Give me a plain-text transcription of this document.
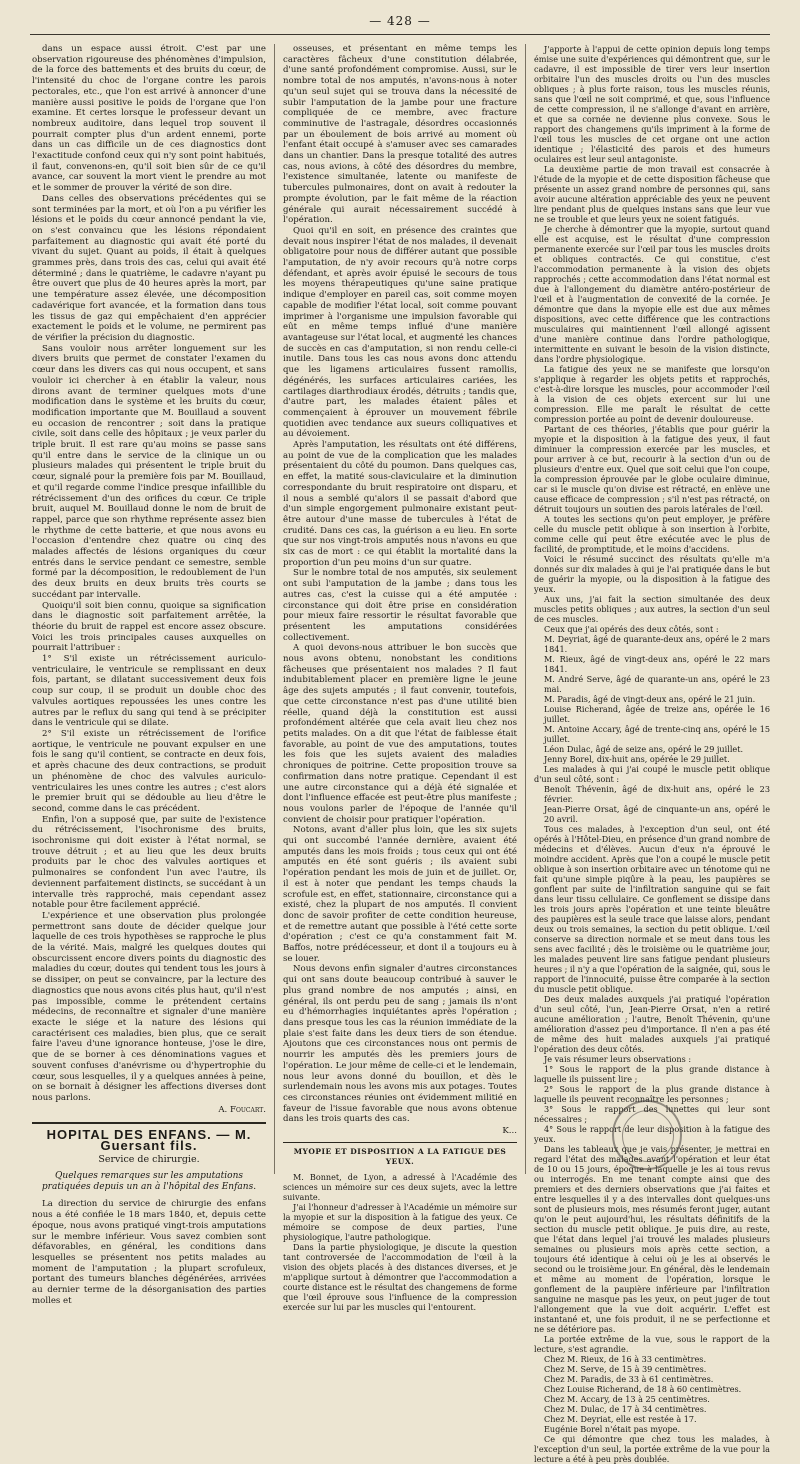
— 428 —

dans un espace aussi étroit. C'est par une observation rigoureuse des phénomènes d'impulsion, de la force des battements et des bruits du cœur, de l'intensité du choc de l'organe contre les parois pectorales, etc., que l'on est arrivé à annoncer d'une manière aussi positive le poids de l'organe que l'on examine. Et certes lorsque le professeur devant un nombreux auditoire, dans lequel trop souvent il pourrait compter plus d'un ardent ennemi, porte dans un cas difficile un de ces diagnostics dont l'exactitude confond ceux qui n'y sont point habitués, il faut, convenons-en, qu'il soit bien sûr de ce qu'il avance, car souvent la mort vient le prendre au mot et le sommer de prouver la vérité de son dire.

Dans celles des observations précédentes qui se sont terminées par la mort, et où l'on a pu vérifier les lésions et le poids du cœur annoncé pendant la vie, on s'est convaincu que les lésions répondaient parfaitement au diagnostic qui avait été porté du vivant du sujet. Quant au poids, il était à quelques grammes près, dans trois des cas, celui qui avait été déterminé ; dans le quatrième, le cadavre n'ayant pu être ouvert que plus de 40 heures après la mort, par une température assez élevée, une décomposition cadavérique fort avancée, et la formation dans tous les tissus de gaz qui empêchaient d'en apprécier exactement le poids et le volume, ne permirent pas de vérifier la précision du diagnostic.

Sans vouloir nous arrêter longuement sur les divers bruits que permet de constater l'examen du cœur dans les divers cas qui nous occupent, et sans vouloir ici chercher à en établir la valeur, nous dirons avant de terminer quelques mots d'une modification dans le système et les bruits du cœur, modification importante que M. Bouillaud a souvent eu occasion de rencontrer ; soit dans la pratique civile, soit dans celle des hôpitaux ; je veux parler du triple bruit. Il est rare qu'au moins se passe sans qu'il entre dans le service de la clinique un ou plusieurs malades qui présentent le triple bruit du cœur, signalé pour la première fois par M. Bouillaud, et qu'il regarde comme l'indice presque infaillible du rétrécissement d'un des orifices du cœur. Ce triple bruit, auquel M. Bouillaud donne le nom de bruit de rappel, parce que son rhythme représente assez bien le rhythme de cette batterie, et que nous avons eu l'occasion d'entendre chez quatre ou cinq des malades affectés de lésions organiques du cœur entrés dans le service pendant ce semestre, semble formé par la décomposition, le redoublement de l'un des deux bruits en deux bruits très courts se succédant par intervalle.

Quoiqu'il soit bien connu, quoique sa signification dans le diagnostic soit parfaitement arrêtée, la théorie du bruit de rappel est encore assez obscure. Voici les trois principales causes auxquelles on pourrait l'attribuer :

1° S'il existe un rétrécissement auriculo-ventriculaire, le ventricule se remplissant en deux fois, partant, se dilatant successivement deux fois coup sur coup, il se produit un double choc des valvules aortiques repoussées les unes contre les autres par le reflux du sang qui tend à se précipiter dans le ventricule qui se dilate.

2° S'il existe un rétrécissement de l'orifice aortique, le ventricule ne pouvant expulser en une fois le sang qu'il contient, se contracte en deux fois, et après chacune des deux contractions, se produit un phénomène de choc des valvules auriculo-ventriculaires les unes contre les autres ; c'est alors le premier bruit qui se dédouble au lieu d'être le second, comme dans le cas précédent.

Enfin, l'on a supposé que, par suite de l'existence du rétrécissement, l'isochronisme des bruits, isochronisme qui doit exister à l'état normal, se trouve détruit ; et au lieu que les deux bruits produits par le choc des valvules aortiques et pulmonaires se confondent l'un avec l'autre, ils deviennent parfaitement distincts, se succédant à un intervalle très rapproché, mais cependant assez notable pour être facilement apprécié.

L'expérience et une observation plus prolongée permettront sans doute de décider quelque jour laquelle de ces trois hypothèses se rapproche le plus de la vérité. Mais, malgré les quelques doutes qui obscurcissent encore divers points du diagnostic des maladies du cœur, doutes qui tendent tous les jours à se dissiper, on peut se convaincre, par la lecture des diagnostics que nous avons cités plus haut, qu'il n'est pas impossible, comme le prétendent certains médecins, de reconnaître et signaler d'une manière exacte le siége et la nature des lésions qui caractérisent ces maladies, bien plus, que ce serait faire l'aveu d'une ignorance honteuse, j'ose le dire, que de se borner à ces dénominations vagues et souvent confuses d'anévrisme ou d'hypertrophie du cœur, sous lesquelles, il y a quelques années à peine, on se bornait à désigner les affections diverses dont nous parlons.

A. Foucart.
HOPITAL DES ENFANS. — M. Guersant fils.
Service de chirurgie.
Quelques remarques sur les amputations pratiquées depuis un an à l'hôpital des Enfans.

La direction du service de chirurgie des enfans nous a été confiée le 18 mars 1840, et, depuis cette époque, nous avons pratiqué vingt-trois amputations sur le membre inférieur. Vous savez combien sont défavorables, en général, les conditions dans lesquelles se présentent nos petits malades au moment de l'amputation ; la plupart scrofuleux, portant des tumeurs blanches dégénérées, arrivées au dernier terme de la désorganisation des parties molles et

osseuses, et présentant en même temps les caractères fâcheux d'une constitution délabrée, d'une santé profondément compromise. Aussi, sur le nombre total de nos amputés, n'avons-nous à noter qu'un seul sujet qui se trouva dans la nécessité de subir l'amputation de la jambe pour une fracture compliquée de ce membre, avec fracture comminutive de l'astragale, désordres occasionnés par un éboulement de bois arrivé au moment où l'enfant était occupé à s'amuser avec ses camarades dans un chantier. Dans la presque totalité des autres cas, nous avions, à côté des désordres du membre, l'existence simultanée, latente ou manifeste de tubercules pulmonaires, dont on avait à redouter la prompte évolution, par le fait même de la réaction générale qui aurait nécessairement succédé à l'opération.

Quoi qu'il en soit, en présence des craintes que devait nous inspirer l'état de nos malades, il devenait obligatoire pour nous de différer autant que possible l'amputation, de n'y avoir recours qu'à notre corps défendant, et après avoir épuisé le secours de tous les moyens thérapeutiques qu'une saine pratique indique d'employer en pareil cas, soit comme moyen capable de modifier l'état local, soit comme pouvant imprimer à l'organisme une impulsion favorable qui eût en même temps influé d'une manière avantageuse sur l'état local, et augmenté les chances de succès en cas d'amputation, si non rendu celle-ci inutile. Dans tous les cas nous avons donc attendu que les ligamens articulaires fussent ramollis, dégénérés, les surfaces articulaires cariées, les cartilages diarthrodiaux érodés, détruits ; tandis que, d'autre part, les malades étaient pâles et commençaient à éprouver un mouvement fébrile quotidien avec tendance aux sueurs colliquatives et au dévoiement.

Après l'amputation, les résultats ont été différens, au point de vue de la complication que les malades présentaient du côté du poumon. Dans quelques cas, en effet, la matité sous-claviculaire et la diminution correspondante du bruit respiratoire ont disparu, et il nous a semblé qu'alors il se passait d'abord que d'un simple engorgement pulmonaire existant peut-être autour d'une masse de tubercules à l'état de crudité. Dans ces cas, la guérison a eu lieu. En sorte que sur nos vingt-trois amputés nous n'avons eu que six cas de mort : ce qui établit la mortalité dans la proportion d'un peu moins d'un sur quatre.

Sur le nombre total de nos amputés, six seulement ont subi l'amputation de la jambe ; dans tous les autres cas, c'est la cuisse qui a été amputée : circonstance qui doit être prise en considération pour mieux faire ressortir le résultat favorable que présentent les amputations considérées collectivement.

A quoi devons-nous attribuer le bon succès que nous avons obtenu, nonobstant les conditions fâcheuses que présentaient nos malades ? Il faut indubitablement placer en première ligne le jeune âge des sujets amputés ; il faut convenir, toutefois, que cette circonstance n'est pas d'une utilité bien réelle, quand déjà la constitution est aussi profondément altérée que cela avait lieu chez nos petits malades. On a dit que l'état de faiblesse était favorable, au point de vue des amputations, toutes les fois que les sujets avaient des maladies chroniques de poitrine. Cette proposition trouve sa confirmation dans notre pratique. Cependant il est une autre circonstance qui a déjà été signalée et dont l'influence effacée est peut-être plus manifeste ; nous voulons parler de l'époque de l'année qu'il convient de choisir pour pratiquer l'opération.

Notons, avant d'aller plus loin, que les six sujets qui ont succombé l'année dernière, avaient été amputés dans les mois froids ; tous ceux qui ont été amputés en été sont guéris ; ils avaient subi l'opération pendant les mois de juin et de juillet. Or, il est à noter que pendant les temps chauds la scrofule est, en effet, stationnaire, circonstance qui a existé, chez la plupart de nos amputés. Il convient donc de savoir profiter de cette condition heureuse, et de remettre autant que possible à l'été cette sorte d'opération ; c'est ce qu'a constamment fait M. Baffos, notre prédécesseur, et dont il a toujours eu à se louer.

Nous devons enfin signaler d'autres circonstances qui ont sans doute beaucoup contribué à sauver le plus grand nombre de nos amputés ; ainsi, en général, ils ont perdu peu de sang ; jamais ils n'ont eu d'hémorrhagies inquiétantes après l'opération ; dans presque tous les cas la réunion immédiate de la plaie s'est faite dans les deux tiers de son étendue. Ajoutons que ces circonstances nous ont permis de nourrir les amputés dès les premiers jours de l'opération. Le jour même de celle-ci et le lendemain, nous leur avons donné du bouillon, et dès le surlendemain nous les avons mis aux potages. Toutes ces circonstances réunies ont évidemment militié en faveur de l'issue favorable que nous avons obtenue dans les trois quarts des cas.

K...
MYOPIE ET DISPOSITION A LA FATIGUE DES YEUX.

M. Bonnet, de Lyon, a adressé à l'Académie des sciences un mémoire sur ces deux sujets, avec la lettre suivante.

J'ai l'honneur d'adresser à l'Académie un mémoire sur la myopie et sur la disposition à la fatigue des yeux. Ce mémoire se compose de deux parties, l'une physiologique, l'autre pathologique.

Dans la partie physiologique, je discute la question tant controversée de l'accommodation de l'œil à la vision des objets placés à des distances diverses, et je m'applique surtout à démontrer que l'accommodation a courte distance est le résultat des changemens de forme que l'œil éprouve sous l'influence de la compression exercée sur lui par les muscles qui l'entourent.

J'apporte à l'appui de cette opinion depuis long temps émise une suite d'expériences qui démontrent que, sur le cadavre, il est impossible de tirer vers leur insertion orbitaire l'un des muscles droits ou l'un des muscles obliques ; à plus forte raison, tous les muscles réunis, sans que l'œil ne soit comprimé, et que, sous l'influence de cette compression, il ne s'allonge d'avant en arrière, et que sa cornée ne devienne plus convexe. Sous le rapport des changemens qu'ils impriment à la forme de l'œil tous les muscles de cet organe ont une action identique ; l'élasticité des parois et des humeurs oculaires est leur seul antagoniste.

La deuxième partie de mon travail est consacrée à l'étude de la myopie et de cette disposition fâcheuse que présente un assez grand nombre de personnes qui, sans avoir aucune altération appréciable des yeux ne peuvent lire pendant plus de quelques instans sans que leur vue ne se trouble et que leurs yeux ne soient fatigués.

Je cherche à démontrer que la myopie, surtout quand elle est acquise, est le résultat d'une compression permanente exercée sur l'œil par tous les muscles droits et obliques contractés. Ce qui constitue, c'est l'accommodation permanente à la vision des objets rapprochés ; cette accommodation dans l'état normal est due à l'allongement du diamètre antéro-postérieur de l'œil et à l'augmentation de convexité de la cornée. Je démontre que dans la myopie elle est due aux mêmes dispositions, avec cette différence que les contractions musculaires qui maintiennent l'œil allongé agissent d'une manière continue dans l'ordre pathologique, intermittente en suivant le besoin de la vision distincte, dans l'ordre physiologique.

La fatigue des yeux ne se manifeste que lorsqu'on s'applique à regarder les objets petits et rapprochés, c'est-à-dire lorsque les muscles, pour accommoder l'œil à la vision de ces objets exercent sur lui une compression. Elle me paraît le résultat de cette compression portée au point de devenir douloureuse.

Partant de ces théories, j'établis que pour guérir la myopie et la disposition à la fatigue des yeux, il faut diminuer la compression exercée par les muscles, et pour arriver à ce but, recourir à la section d'un ou de plusieurs d'entre eux. Quel que soit celui que l'on coupe, la compression éprouvée par le globe oculaire diminue, car si le muscle qu'on divise est rétracté, en enlève une cause efficace de compression ; s'il n'est pas rétracté, on détruit toujours un soutien des parois latérales de l'œil.

A toutes les sections qu'on peut employer, je préfère celle du muscle petit oblique à son insertion à l'orbite, comme celle qui peut être exécutée avec le plus de facilité, de promptitude, et le moins d'accidens.

Voici le résumé succinct des résultats qu'elle m'a donnés sur dix malades à qui je l'ai pratiquée dans le but de guérir la myopie, ou la disposition à la fatigue des yeux.

Aux uns, j'ai fait la section simultanée des deux muscles petits obliques ; aux autres, la section d'un seul de ces muscles.

Ceux que j'ai opérés des deux côtés, sont :

M. Deyriat, âgé de quarante-deux ans, opéré le 2 mars 1841.
M. Rieux, âgé de vingt-deux ans, opéré le 22 mars 1841.
M. André Serve, âgé de quarante-un ans, opéré le 23 mai.
M. Paradis, âgé de vingt-deux ans, opéré le 21 juin.
Louise Richerand, âgée de treize ans, opérée le 16 juillet.
M. Antoine Accary, âgé de trente-cinq ans, opéré le 15 juillet.
Léon Dulac, âgé de seize ans, opéré le 29 juillet.
Jenny Borel, dix-huit ans, opérée le 29 juillet.

Les malades à qui j'ai coupé le muscle petit oblique d'un seul côté, sont :

Benoît Thévenin, âgé de dix-huit ans, opéré le 23 février.
Jean-Pierre Orsat, âgé de cinquante-un ans, opéré le 20 avril.

Tous ces malades, à l'exception d'un seul, ont été opérés à l'Hôtel-Dieu, en présence d'un grand nombre de médecins et d'élèves. Aucun d'eux n'a éprouvé le moindre accident. Après que l'on a coupé le muscle petit oblique à son insertion orbitaire avec un ténotome qui ne fait qu'une simple piqûre à la peau, les paupières se gonflent par suite de l'infiltration sanguine qui se fait dans leur tissu cellulaire. Ce gonflement se dissipe dans les trois jours après l'opération et une teinte bleuâtre des paupières est la seule trace que laisse alors, pendant deux ou trois semaines, la section du petit oblique. L'œil conserve sa direction normale et se meut dans tous les sens avec facilité ; dès le troisième ou le quatrième jour, les malades peuvent lire sans fatigue pendant plusieurs heures ; il n'y a que l'opération de la saignée, qui, sous le rapport de l'innocuité, puisse être comparée à la section du muscle petit oblique.

Des deux malades auxquels j'ai pratiqué l'opération d'un seul côté, l'un, Jean-Pierre Orsat, n'en a retiré aucune amélioration ; l'autre, Benoît Thévenin, qu'une amélioration d'assez peu d'importance. Il n'en a pas été de même des huit malades auxquels j'ai pratiqué l'opération des deux côtés.

Je vais résumer leurs observations :

1° Sous le rapport de la plus grande distance à laquelle ils puissent lire ;

2° Sous le rapport de la plus grande distance à laquelle ils peuvent reconnaître les personnes ;

3° Sous le rapport des lunettes qui leur sont nécessaires ;

4° Sous le rapport de leur disposition à la fatigue des yeux.

Dans les tableaux que je vais présenter, je mettrai en regard l'état des malades avant l'opération et leur état de 10 ou 15 jours, époque à laquelle je les ai tous revus ou interrogés. En me tenant compte ainsi que des premiers et des derniers observations que j'ai faites et entre lesquelles il y a des intervalles dont quelques-uns sont de plusieurs mois, mes résumés feront juger, autant qu'on le peut aujourd'hui, les résultats définitifs de la section du muscle petit oblique. Je puis dire, au reste, que l'état dans lequel j'ai trouvé les malades plusieurs semaines ou plusieurs mois après cette section, a toujours été identique à celui où je les ai observés le second ou le troisième jour. En général, dès le lendemain et même au moment de l'opération, lorsque le gonflement de la paupière inférieure par l'infiltration sanguine ne masque pas les yeux, on peut juger de tout l'allongement que la vue doit acquérir. L'effet est instantané et, une fois produit, il ne se perfectionne et ne se détériore pas.

La portée extrême de la vue, sous le rapport de la lecture, s'est agrandie.

Chez M. Rieux, de 16 à 33 centimètres.
Chez M. Serve, de 15 à 39 centimètres.
Chez M. Paradis, de 33 à 61 centimètres.
Chez Louise Richerand, de 18 à 60 centimètres.
Chez M. Accary, de 13 à 25 centimètres.
Chez M. Dulac, de 17 à 34 centimètres.
Chez M. Deyriat, elle est restée à 17.
Eugénie Borel n'était pas myope.

Ce qui démontre que chez tous les malades, à l'exception d'un seul, la portée extrême de la vue pour la lecture a été à peu près doublée.
